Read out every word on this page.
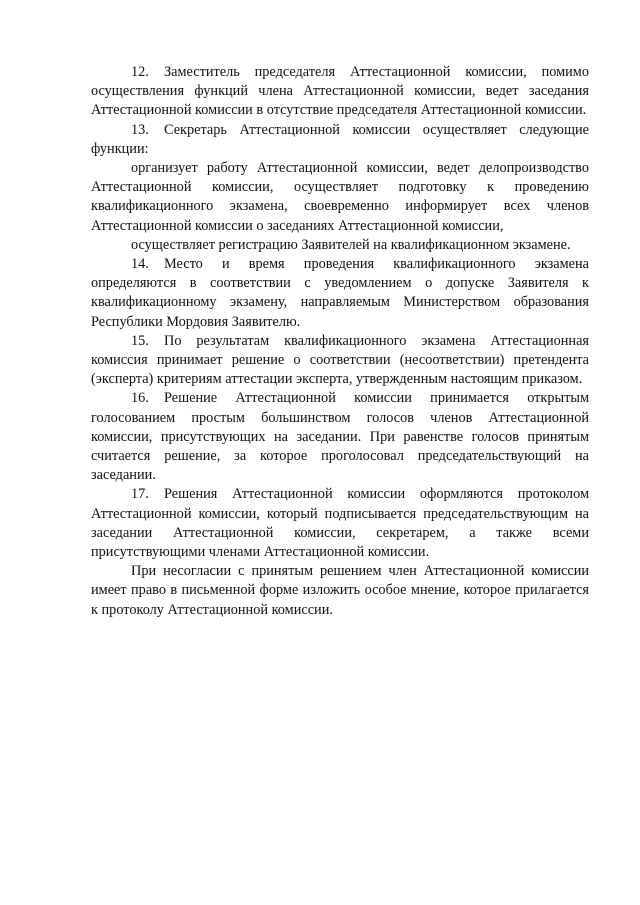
12. Заместитель председателя Аттестационной комиссии, помимо осуществления функций члена Аттестационной комиссии, ведет заседания Аттестационной комиссии в отсутствие председателя Аттестационной комиссии.

13. Секретарь Аттестационной комиссии осуществляет следующие функции:

организует работу Аттестационной комиссии, ведет делопроизводство Аттестационной комиссии, осуществляет подготовку к проведению квалификационного экзамена, своевременно информирует всех членов Аттестационной комиссии о заседаниях Аттестационной комиссии,

осуществляет регистрацию Заявителей на квалификационном экзамене.

14. Место и время проведения квалификационного экзамена определяются в соответствии с уведомлением о допуске Заявителя к квалификационному экзамену, направляемым Министерством образования Республики Мордовия Заявителю.

15. По результатам квалификационного экзамена Аттестационная комиссия принимает решение о соответствии (несоответствии) претендента (эксперта) критериям аттестации эксперта, утвержденным настоящим приказом.

16. Решение Аттестационной комиссии принимается открытым голосованием простым большинством голосов членов Аттестационной комиссии, присутствующих на заседании. При равенстве голосов принятым считается решение, за которое проголосовал председательствующий на заседании.

17. Решения Аттестационной комиссии оформляются протоколом Аттестационной комиссии, который подписывается председательствующим на заседании Аттестационной комиссии, секретарем, а также всеми присутствующими членами Аттестационной комиссии.

При несогласии с принятым решением член Аттестационной комиссии имеет право в письменной форме изложить особое мнение, которое прилагается к протоколу Аттестационной комиссии.
